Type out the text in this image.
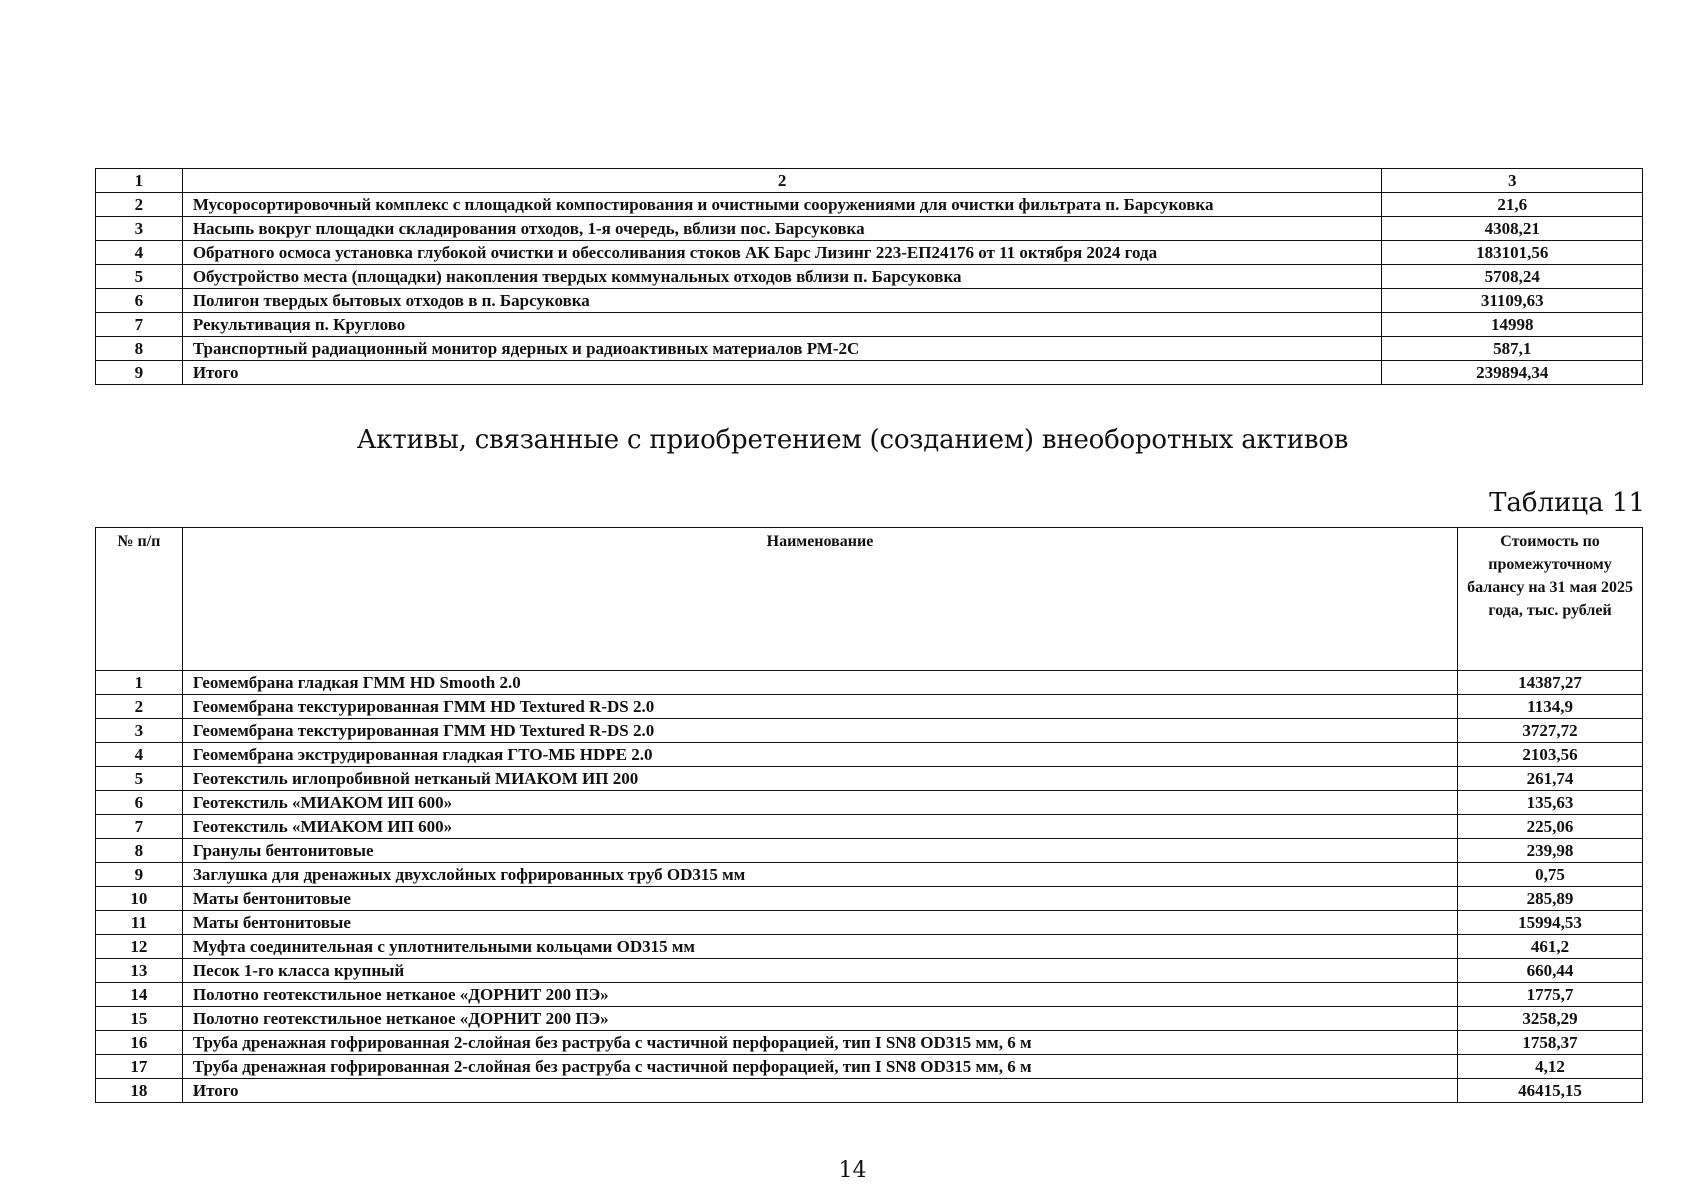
1	2	3
2	Мусоросортировочный комплекс с площадкой компостирования и очистными сооружениями для очистки фильтрата п. Барсуковка	21,6
3	Насыпь вокруг площадки складирования отходов, 1-я очередь, вблизи пос. Барсуковка	4308,21
4	Обратного осмоса установка глубокой очистки и обессоливания стоков АК Барс Лизинг 223-ЕП24176 от 11 октября 2024 года	183101,56
5	Обустройство места (площадки) накопления твердых коммунальных отходов вблизи п. Барсуковка	5708,24
6	Полигон твердых бытовых отходов в п. Барсуковка	31109,63
7	Рекультивация п. Круглово	14998
8	Транспортный радиационный монитор ядерных и радиоактивных материалов РМ-2С	587,1
9	Итого	239894,34
Активы, связанные с приобретением (созданием) внеоборотных активов
Таблица 11
№ п/п	Наименование	Стоимость по промежуточному балансу на 31 мая 2025 года, тыс. рублей
1	Геомембрана гладкая ГММ HD Smooth 2.0	14387,27
2	Геомембрана текстурированная ГММ HD Textured R-DS 2.0	1134,9
3	Геомембрана текстурированная ГММ HD Textured R-DS 2.0	3727,72
4	Геомембрана экструдированная гладкая ГТО-МБ HDPE 2.0	2103,56
5	Геотекстиль иглопробивной нетканый МИАКОМ ИП 200	261,74
6	Геотекстиль «МИАКОМ ИП 600»	135,63
7	Геотекстиль «МИАКОМ ИП 600»	225,06
8	Гранулы бентонитовые	239,98
9	Заглушка для дренажных двухслойных гофрированных труб OD315 мм	0,75
10	Маты бентонитовые	285,89
11	Маты бентонитовые	15994,53
12	Муфта соединительная с уплотнительными кольцами OD315 мм	461,2
13	Песок 1-го класса крупный	660,44
14	Полотно геотекстильное нетканое «ДОРНИТ 200 ПЭ»	1775,7
15	Полотно геотекстильное нетканое «ДОРНИТ 200 ПЭ»	3258,29
16	Труба дренажная гофрированная 2-слойная без раструба с частичной перфорацией, тип I SN8 OD315 мм, 6 м	1758,37
17	Труба дренажная гофрированная 2-слойная без раструба с частичной перфорацией, тип I SN8 OD315 мм, 6 м	4,12
18	Итого	46415,15
14
